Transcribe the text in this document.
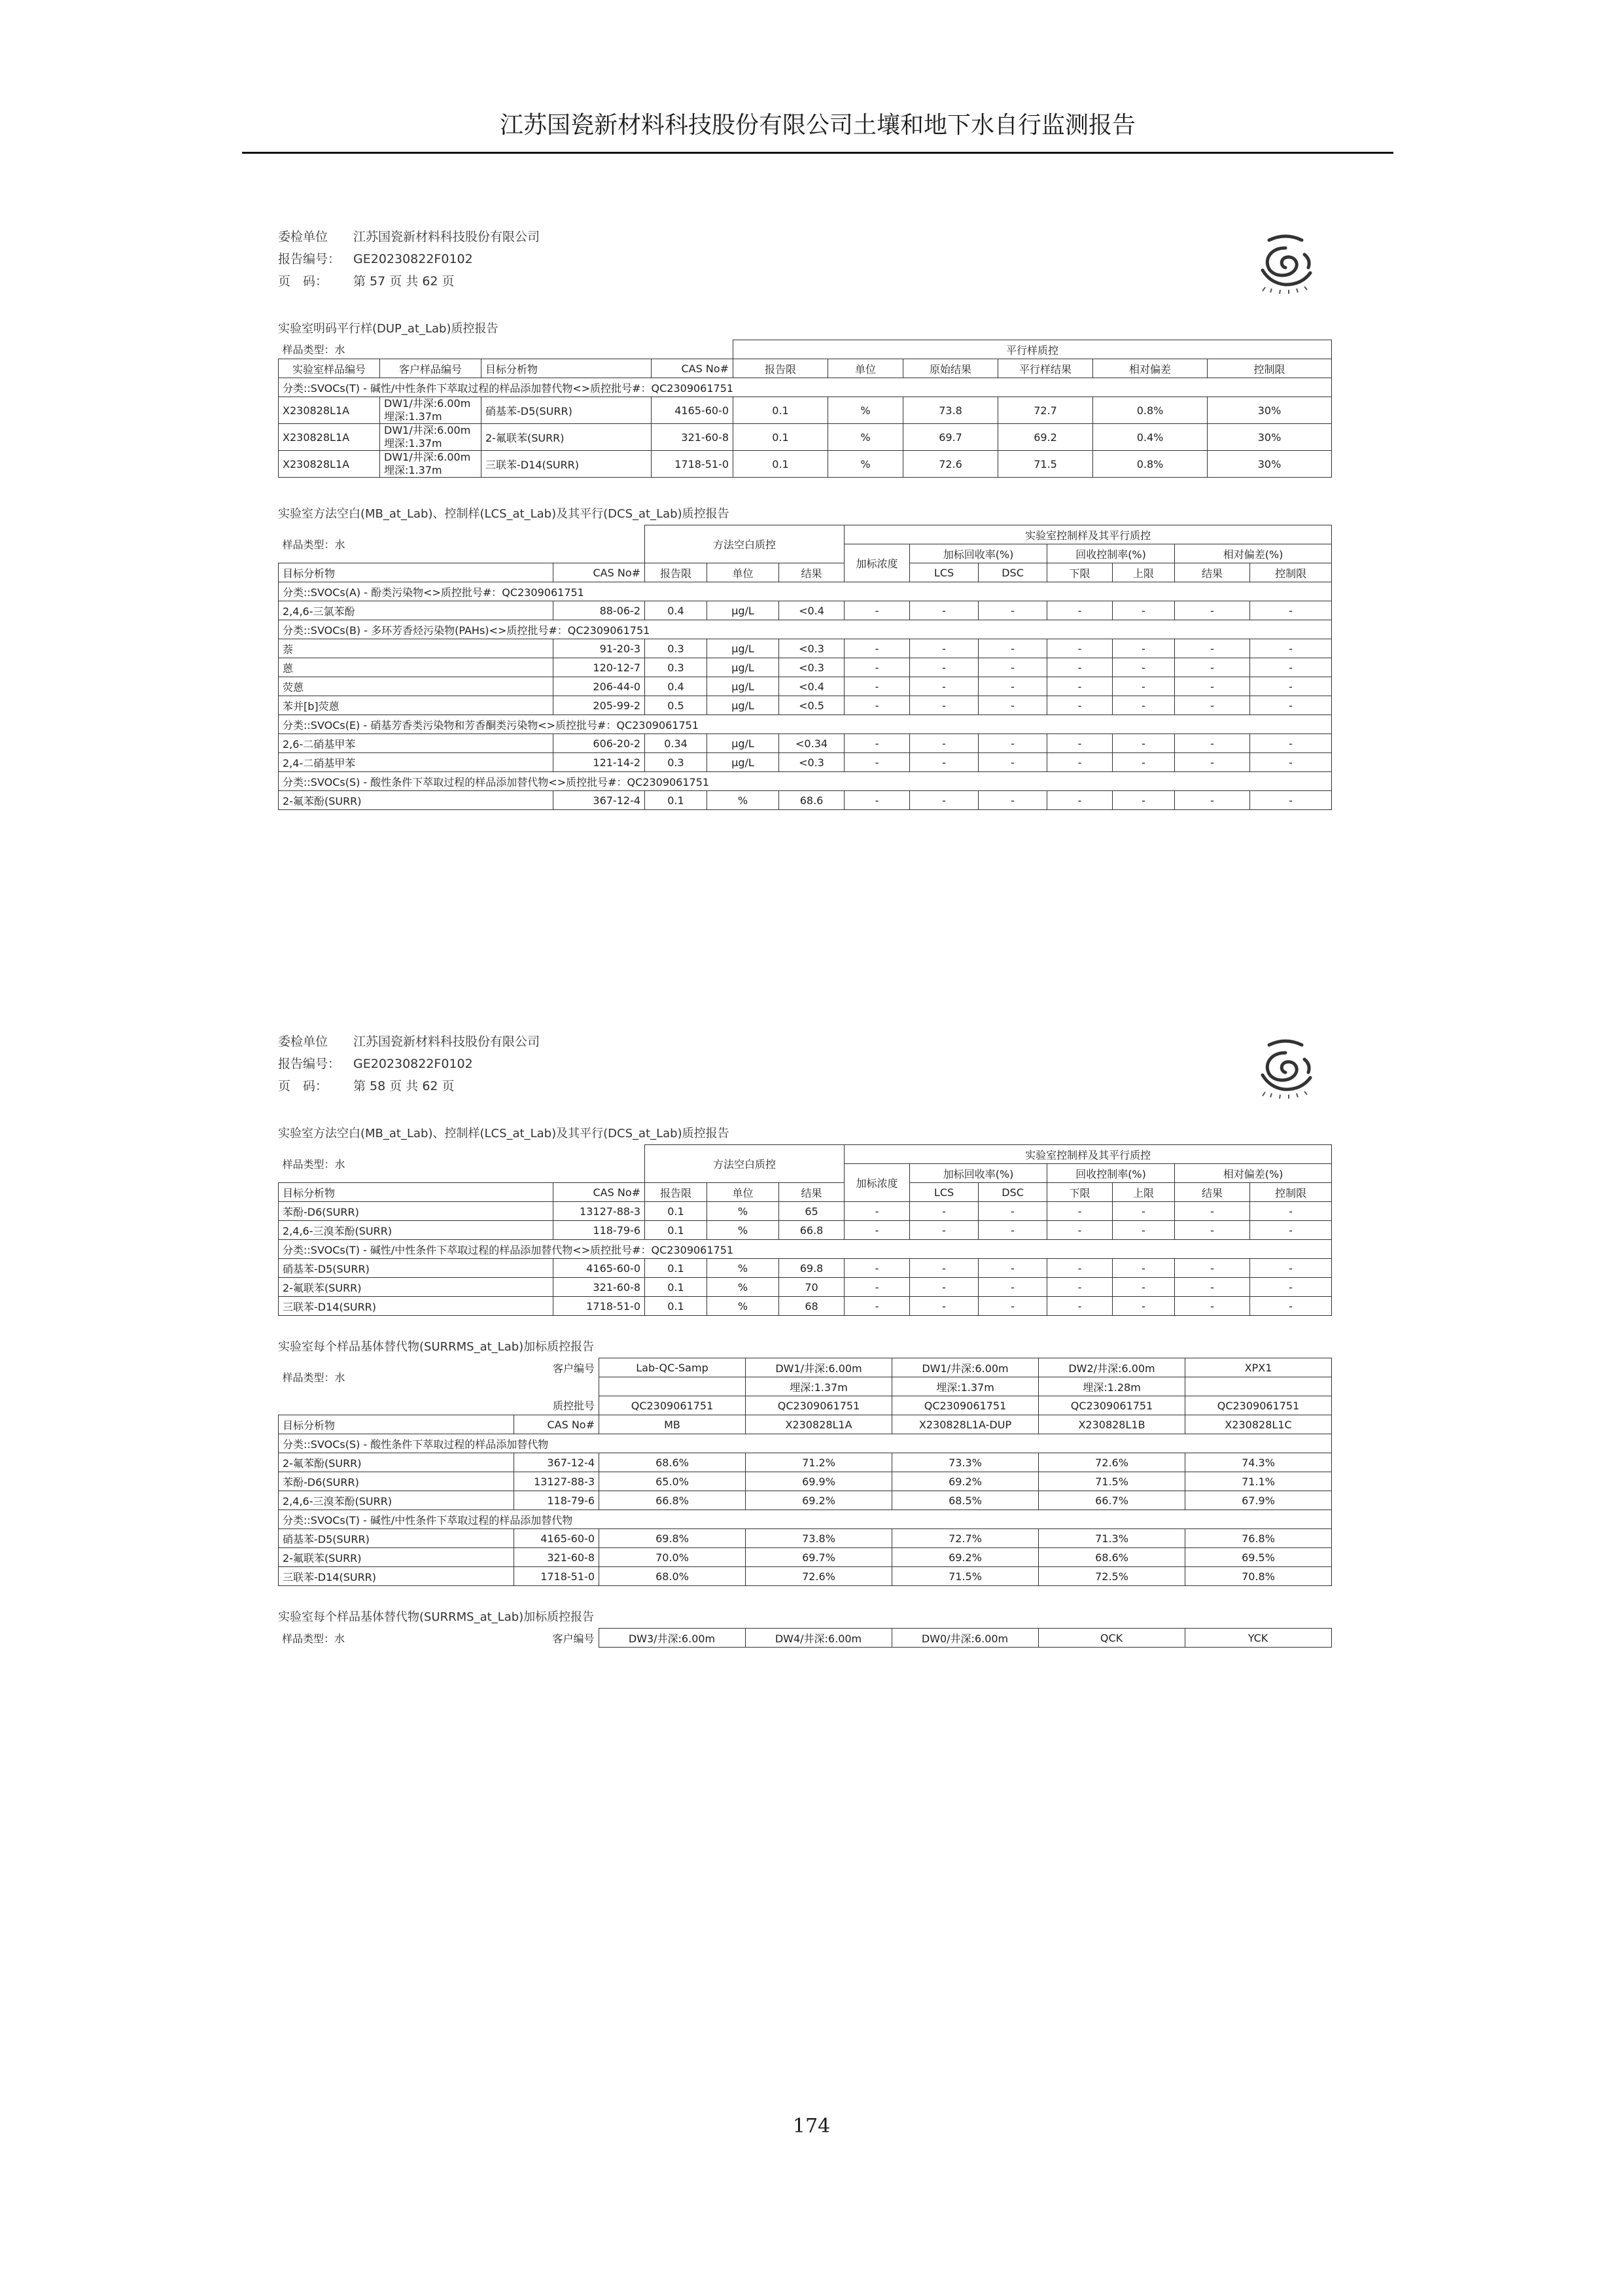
江苏国瓷新材料科技股份有限公司土壤和地下水自行监测报告
委检单位 江苏国瓷新材料科技股份有限公司
报告编号： GE20230822F0102
页　码： 第 57 页 共 62 页
实验室明码平行样(DUP_at_Lab)质控报告
样品类型：水				平行样质控					
实验室样品编号	客户样品编号	目标分析物	CAS No#	报告限	单位	原始结果	平行样结果	相对偏差	控制限
分类::SVOCs(T) - 碱性/中性条件下萃取过程的样品添加替代物<>质控批号#：QC2309061751									
X230828L1A	DW1/井深:6.00m
埋深:1.37m	硝基苯-D5(SURR)	4165-60-0	0.1	%	73.8	72.7	0.8%	30%
X230828L1A	DW1/井深:6.00m
埋深:1.37m	2-氟联苯(SURR)	321-60-8	0.1	%	69.7	69.2	0.4%	30%
X230828L1A	DW1/井深:6.00m
埋深:1.37m	三联苯-D14(SURR)	1718-51-0	0.1	%	72.6	71.5	0.8%	30%
实验室方法空白(MB_at_Lab)、控制样(LCS_at_Lab)及其平行(DCS_at_Lab)质控报告
样品类型：水		方法空白质控			实验室控制样及其平行质控						
					加标浓度	加标回收率(%)		回收控制率(%)		相对偏差(%)	
目标分析物	CAS No#	报告限	单位	结果		LCS	DSC	下限	上限	结果	控制限
分类::SVOCs(A) - 酚类污染物<>质控批号#：QC2309061751											
2,4,6-三氯苯酚	88-06-2	0.4	μg/L	<0.4	-	-	-	-	-	-	-
分类::SVOCs(B) - 多环芳香烃污染物(PAHs)<>质控批号#：QC2309061751											
萘	91-20-3	0.3	μg/L	<0.3	-	-	-	-	-	-	-
蒽	120-12-7	0.3	μg/L	<0.3	-	-	-	-	-	-	-
荧蒽	206-44-0	0.4	μg/L	<0.4	-	-	-	-	-	-	-
苯并[b]荧蒽	205-99-2	0.5	μg/L	<0.5	-	-	-	-	-	-	-
分类::SVOCs(E) - 硝基芳香类污染物和芳香酮类污染物<>质控批号#：QC2309061751											
2,6-二硝基甲苯	606-20-2	0.34	μg/L	<0.34	-	-	-	-	-	-	-
2,4-二硝基甲苯	121-14-2	0.3	μg/L	<0.3	-	-	-	-	-	-	-
分类::SVOCs(S) - 酸性条件下萃取过程的样品添加替代物<>质控批号#：QC2309061751											
2-氟苯酚(SURR)	367-12-4	0.1	%	68.6	-	-	-	-	-	-	-
委检单位 江苏国瓷新材料科技股份有限公司
报告编号： GE20230822F0102
页　码： 第 58 页 共 62 页
实验室方法空白(MB_at_Lab)、控制样(LCS_at_Lab)及其平行(DCS_at_Lab)质控报告
样品类型：水		方法空白质控			实验室控制样及其平行质控						
					加标浓度	加标回收率(%)		回收控制率(%)		相对偏差(%)	
目标分析物	CAS No#	报告限	单位	结果		LCS	DSC	下限	上限	结果	控制限
苯酚-D6(SURR)	13127-88-3	0.1	%	65	-	-	-	-	-	-	-
2,4,6-三溴苯酚(SURR)	118-79-6	0.1	%	66.8	-	-	-	-	-	-	-
分类::SVOCs(T) - 碱性/中性条件下萃取过程的样品添加替代物<>质控批号#：QC2309061751											
硝基苯-D5(SURR)	4165-60-0	0.1	%	69.8	-	-	-	-	-	-	-
2-氟联苯(SURR)	321-60-8	0.1	%	70	-	-	-	-	-	-	-
三联苯-D14(SURR)	1718-51-0	0.1	%	68	-	-	-	-	-	-	-
实验室每个样品基体替代物(SURRMS_at_Lab)加标质控报告
样品类型：水	客户编号	Lab-QC-Samp	DW1/井深:6.00m	DW1/井深:6.00m	DW2/井深:6.00m	XPX1
			埋深:1.37m	埋深:1.37m	埋深:1.28m	
	质控批号	QC2309061751	QC2309061751	QC2309061751	QC2309061751	QC2309061751
目标分析物	CAS No#	MB	X230828L1A	X230828L1A-DUP	X230828L1B	X230828L1C
分类::SVOCs(S) - 酸性条件下萃取过程的样品添加替代物						
2-氟苯酚(SURR)	367-12-4	68.6%	71.2%	73.3%	72.6%	74.3%
苯酚-D6(SURR)	13127-88-3	65.0%	69.9%	69.2%	71.5%	71.1%
2,4,6-三溴苯酚(SURR)	118-79-6	66.8%	69.2%	68.5%	66.7%	67.9%
分类::SVOCs(T) - 碱性/中性条件下萃取过程的样品添加替代物						
硝基苯-D5(SURR)	4165-60-0	69.8%	73.8%	72.7%	71.3%	76.8%
2-氟联苯(SURR)	321-60-8	70.0%	69.7%	69.2%	68.6%	69.5%
三联苯-D14(SURR)	1718-51-0	68.0%	72.6%	71.5%	72.5%	70.8%
实验室每个样品基体替代物(SURRMS_at_Lab)加标质控报告
样品类型：水	客户编号	DW3/井深:6.00m	DW4/井深:6.00m	DW0/井深:6.00m	QCK	YCK
174
